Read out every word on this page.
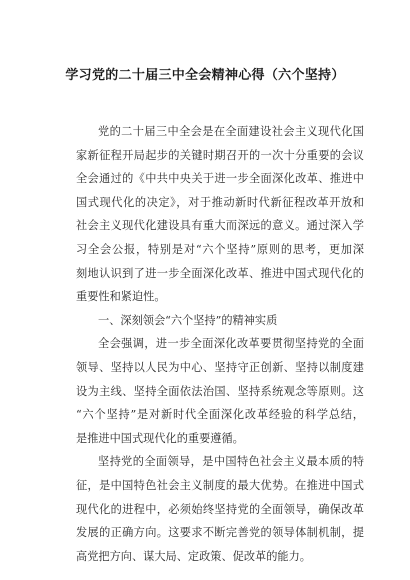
学习党的二十届三中全会精神心得（六个坚持）
党的二十届三中全会是在全面建设社会主义现代化国
家新征程开局起步的关键时期召开的一次十分重要的会议
全会通过的《中共中央关于进一步全面深化改革、推进中
国式现代化的决定》，对于推动新时代新征程改革开放和
社会主义现代化建设具有重大而深远的意义。通过深入学
习全会公报，特别是对“六个坚持”原则的思考，更加深
刻地认识到了进一步全面深化改革、推进中国式现代化的
重要性和紧迫性。
一、深刻领会“六个坚持”的精神实质
全会强调，进一步全面深化改革要贯彻坚持党的全面
领导、坚持以人民为中心、坚持守正创新、坚持以制度建
设为主线、坚持全面依法治国、坚持系统观念等原则。这
“六个坚持”是对新时代全面深化改革经验的科学总结，
是推进中国式现代化的重要遵循。
坚持党的全面领导，是中国特色社会主义最本质的特
征，是中国特色社会主义制度的最大优势。在推进中国式
现代化的进程中，必须始终坚持党的全面领导，确保改革
发展的正确方向。这要求不断完善党的领导体制机制，提
高党把方向、谋大局、定政策、促改革的能力。
